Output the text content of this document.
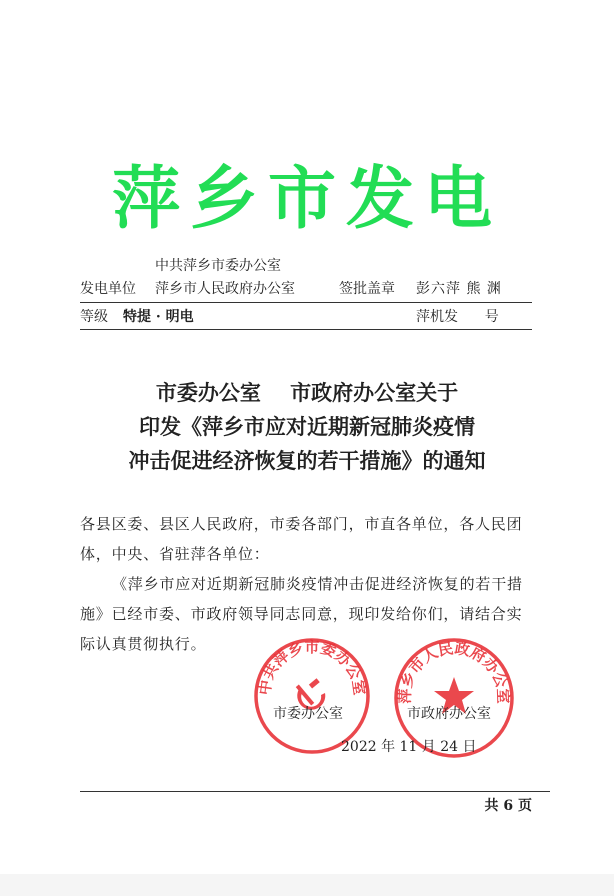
萍乡市发电
中共萍乡市委办公室
发电单位 萍乡市人民政府办公室	签批盖章 彭六萍 熊 渊
等级 特提 · 明电	萍机发      号
市委办公室    市政府办公室关于
印发《萍乡市应对近期新冠肺炎疫情
冲击促进经济恢复的若干措施》的通知
各县区委、县区人民政府，市委各部门，市直各单位，各人民团体，中央、省驻萍各单位：
《萍乡市应对近期新冠肺炎疫情冲击促进经济恢复的若干措施》已经市委、市政府领导同志同意，现印发给你们，请结合实际认真贯彻执行。
中共萍乡市委办公室 萍乡市人民政府办公室
市委办公室	市政府办公室
2022 年 11 月 24 日
共 6 页
